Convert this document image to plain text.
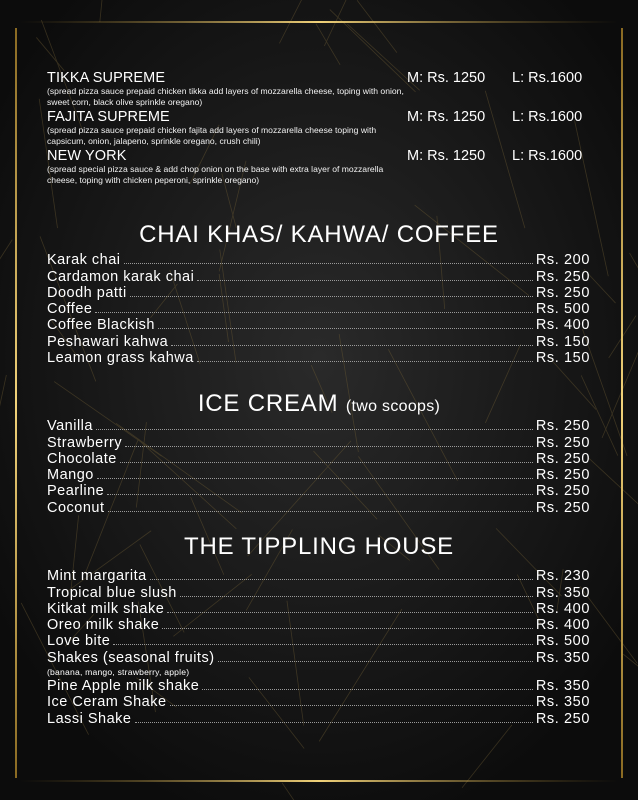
TIKKA SUPREME	M: Rs. 1250 L: Rs.1600
(spread pizza sauce prepaid chicken tikka add layers of mozzarella cheese, toping with onion, sweet corn, black olive sprinkle oregano)
FAJITA SUPREME	M: Rs. 1250 L: Rs.1600
(spread pizza sauce prepaid chicken fajita add layers of mozzarella cheese toping with capsicum, onion, jalapeno, sprinkle oregano, crush chili)
NEW YORK	M: Rs. 1250 L: Rs.1600
(spread special pizza sauce & add chop onion on the base with extra layer of mozzarella cheese, toping with chicken peperoni, sprinkle oregano)
CHAI KHAS/ KAHWA/ COFFEE
Karak chai	Rs. 200
Cardamon karak chai	Rs. 250
Doodh patti	Rs. 250
Coffee	Rs. 500
Coffee Blackish	Rs. 400
Peshawari kahwa	Rs. 150
Leamon grass kahwa	Rs. 150
ICE CREAM (two scoops)
Vanilla	Rs. 250
Strawberry	Rs. 250
Chocolate	Rs. 250
Mango	Rs. 250
Pearline	Rs. 250
Coconut	Rs. 250
THE TIPPLING HOUSE
Mint margarita	Rs. 230
Tropical blue slush	Rs. 350
Kitkat milk shake	Rs. 400
Oreo milk shake	Rs. 400
Love bite	Rs. 500
Shakes (seasonal fruits)	Rs. 350
(banana, mango, strawberry, apple)
Pine Apple milk shake	Rs. 350
Ice Ceram Shake	Rs. 350
Lassi Shake	Rs. 250
